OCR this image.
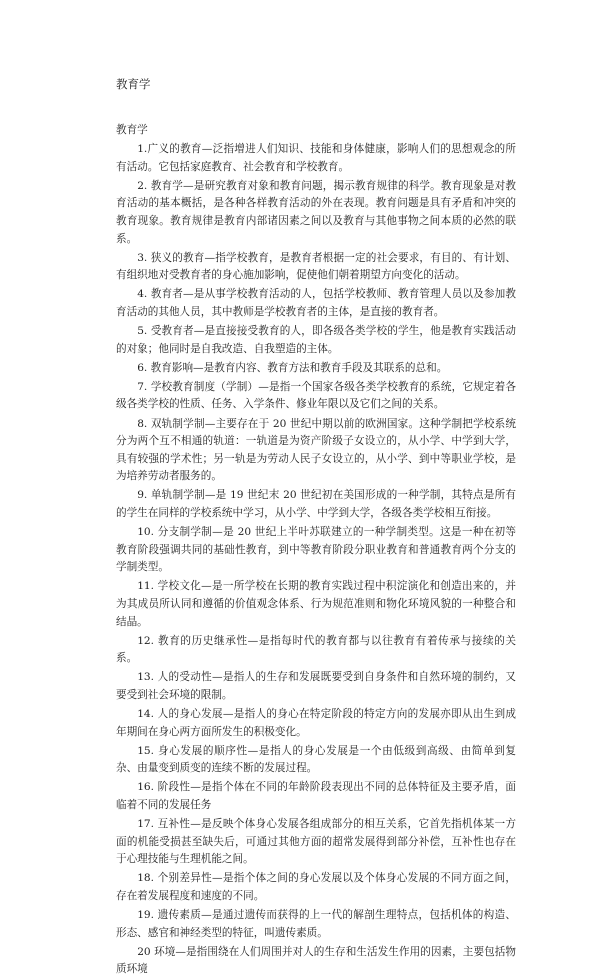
教育学
教育学

1.广义的教育—泛指增进人们知识、技能和身体健康，影响人们的思想观念的所有活动。它包括家庭教育、社会教育和学校教育。

2. 教育学—是研究教育对象和教育问题，揭示教育规律的科学。教育现象是对教育活动的基本概括，是各种各样教育活动的外在表现。教育问题是具有矛盾和冲突的教育现象。教育规律是教育内部诸因素之间以及教育与其他事物之间本质的必然的联系。

3. 狭义的教育—指学校教育，是教育者根据一定的社会要求，有目的、有计划、有组织地对受教育者的身心施加影响，促使他们朝着期望方向变化的活动。

4. 教育者—是从事学校教育活动的人，包括学校教师、教育管理人员以及参加教育活动的其他人员，其中教师是学校教育者的主体，是直接的教育者。

5. 受教育者—是直接接受教育的人，即各级各类学校的学生，他是教育实践活动的对象；他同时是自我改造、自我塑造的主体。

6. 教育影响—是教育内容、教育方法和教育手段及其联系的总和。

7. 学校教育制度（学制）—是指一个国家各级各类学校教育的系统，它规定着各级各类学校的性质、任务、入学条件、修业年限以及它们之间的关系。

8. 双轨制学制—主要存在于 20 世纪中期以前的欧洲国家。这种学制把学校系统分为两个互不相通的轨道：一轨道是为资产阶级子女设立的，从小学、中学到大学，具有较强的学术性；另一轨是为劳动人民子女设立的，从小学、到中等职业学校，是为培养劳动者服务的。

9. 单轨制学制—是 19 世纪末 20 世纪初在美国形成的一种学制，其特点是所有的学生在同样的学校系统中学习，从小学、中学到大学，各级各类学校相互衔接。

10. 分支制学制—是 20 世纪上半叶苏联建立的一种学制类型。这是一种在初等教育阶段强调共同的基础性教育，到中等教育阶段分职业教育和普通教育两个分支的学制类型。

11. 学校文化—是一所学校在长期的教育实践过程中积淀演化和创造出来的，并为其成员所认同和遵循的价值观念体系、行为规范准则和物化环境风貌的一种整合和结晶。

12. 教育的历史继承性—是指每时代的教育都与以往教育有着传承与接续的关系。

13. 人的受动性—是指人的生存和发展既要受到自身条件和自然环境的制约，又要受到社会环境的限制。

14. 人的身心发展—是指人的身心在特定阶段的特定方向的发展亦即从出生到成年期间在身心两方面所发生的积极变化。

15. 身心发展的顺序性—是指人的身心发展是一个由低级到高级、由简单到复杂、由量变到质变的连续不断的发展过程。

16. 阶段性—是指个体在不同的年龄阶段表现出不同的总体特征及主要矛盾，面临着不同的发展任务

17. 互补性—是反映个体身心发展各组成部分的相互关系，它首先指机体某一方面的机能受损甚至缺失后，可通过其他方面的超常发展得到部分补偿，互补性也存在于心理技能与生理机能之间。

18. 个别差异性—是指个体之间的身心发展以及个体身心发展的不同方面之间，存在着发展程度和速度的不同。

19. 遗传素质—是通过遗传而获得的上一代的解剖生理特点，包括机体的构造、形态、感官和神经类型的特征，叫遗传素质。

20 环境—是指围绕在人们周围并对人的生存和生活发生作用的因素，主要包括物质环境
